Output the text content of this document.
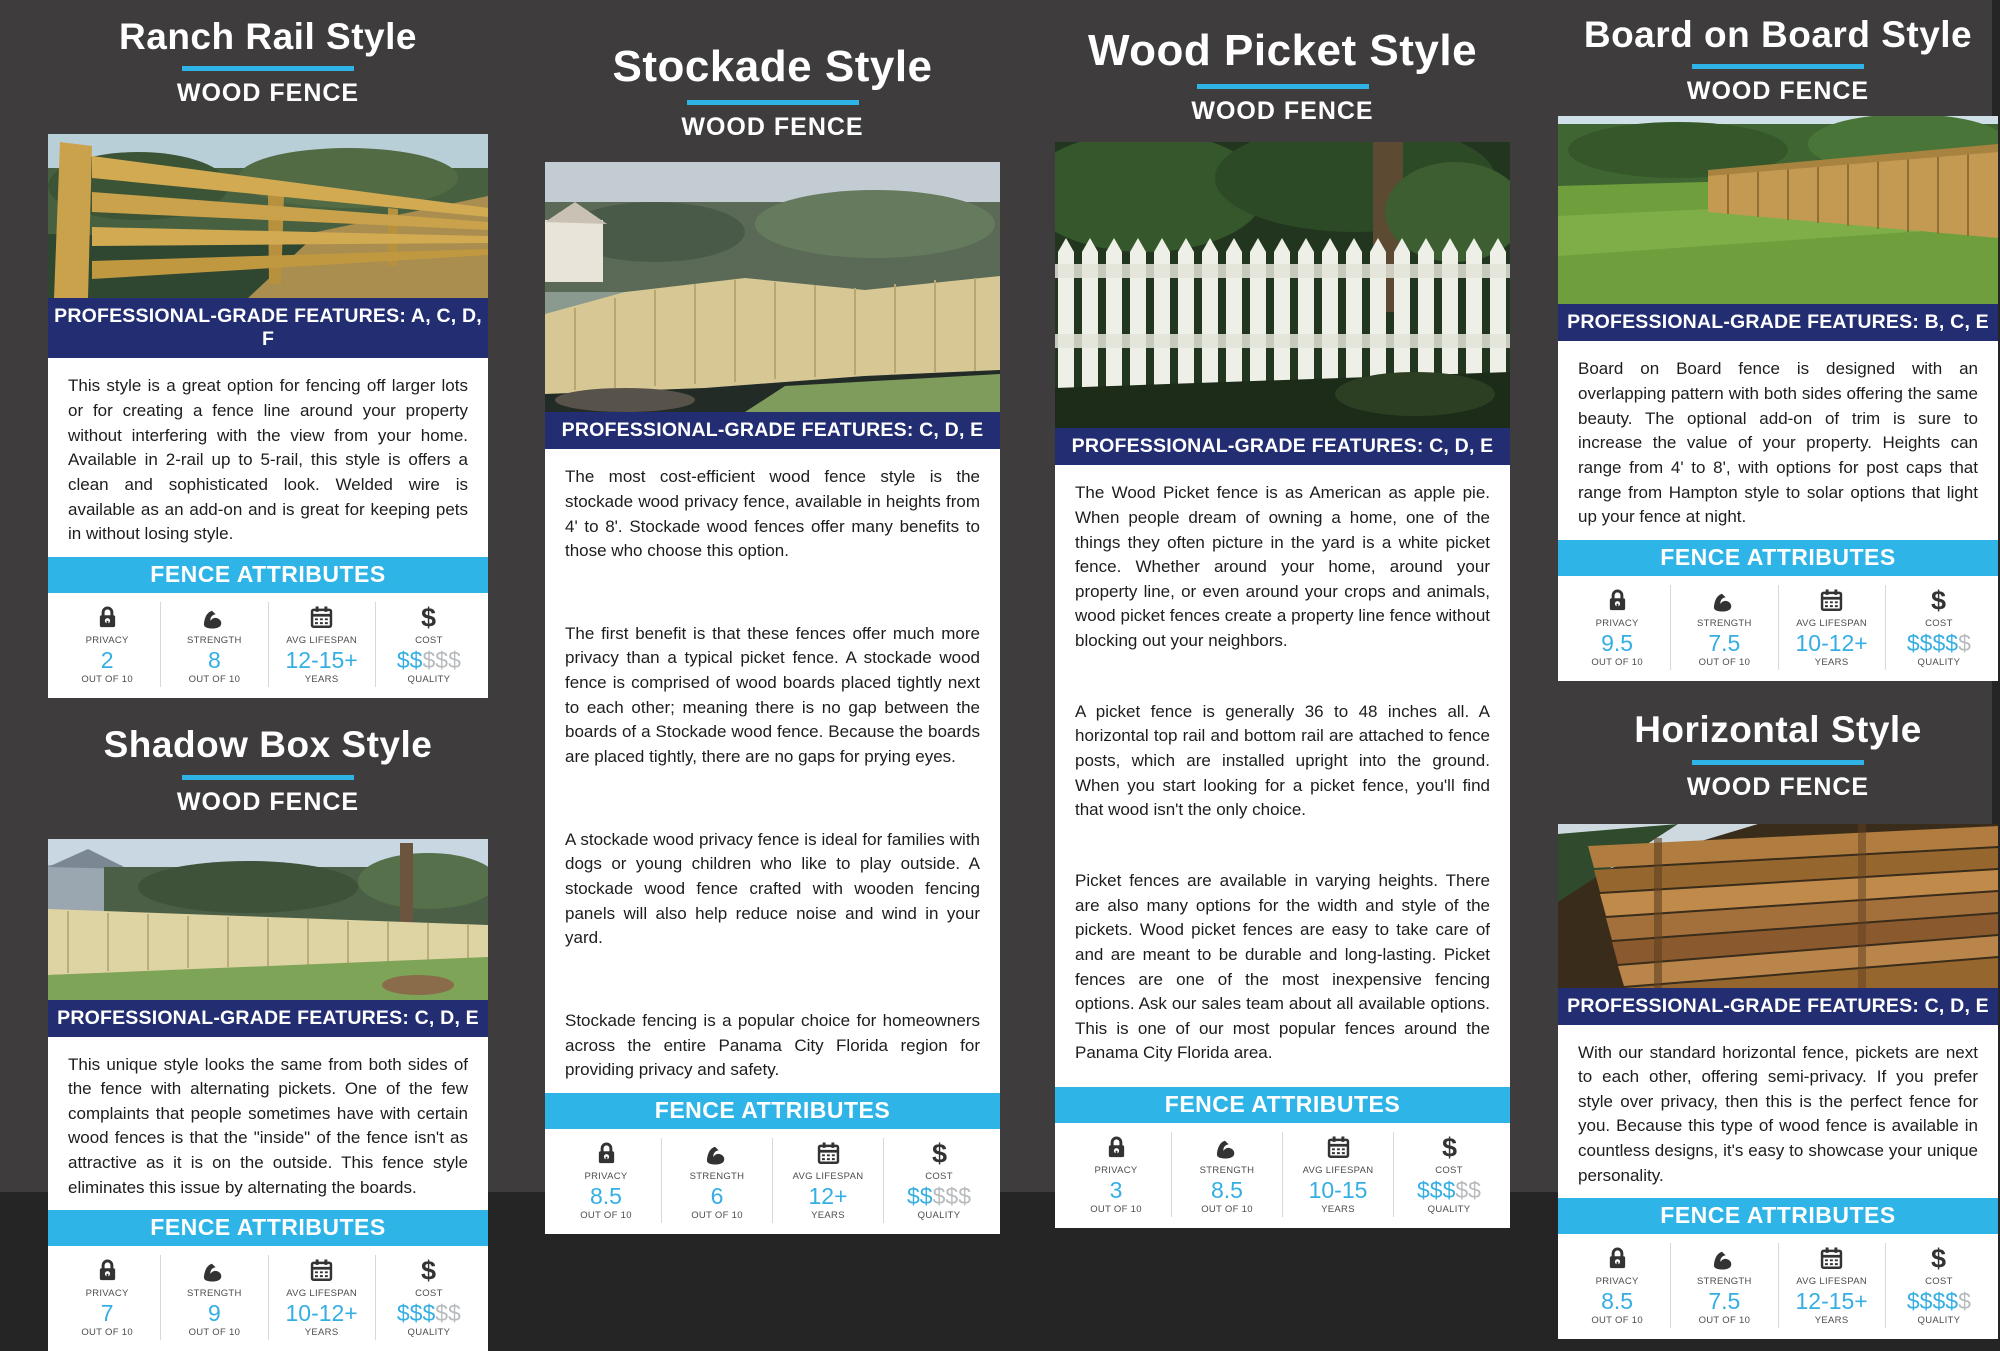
Ranch Rail Style
WOOD FENCE
PROFESSIONAL-GRADE FEATURES: A, C, D, F

This style is a great option for fencing off larger lots or for creating a fence line around your property without interfering with the view from your home. Available in 2-rail up to 5-rail, this style is offers a clean and sophisticated look. Welded wire is available as an add-on and is great for keeping pets in without losing style.

FENCE ATTRIBUTES
PRIVACY
2
OUT OF 10
STRENGTH
8
OUT OF 10
AVG LIFESPAN
12-15+
YEARS
$
COST
$$$$$
QUALITY
Shadow Box Style
WOOD FENCE
PROFESSIONAL-GRADE FEATURES: C, D, E

This unique style looks the same from both sides of the fence with alternating pickets. One of the few complaints that people sometimes have with certain wood fences is that the "inside" of the fence isn't as attractive as it is on the outside. This fence style eliminates this issue by alternating the boards.

FENCE ATTRIBUTES
PRIVACY
7
OUT OF 10
STRENGTH
9
OUT OF 10
AVG LIFESPAN
10-12+
YEARS
$
COST
$$$$$
QUALITY
Stockade Style
WOOD FENCE
PROFESSIONAL-GRADE FEATURES: C, D, E

The most cost-efficient wood fence style is the stockade wood privacy fence, available in heights from 4' to 8'. Stockade wood fences offer many benefits to those who choose this option.

The first benefit is that these fences offer much more privacy than a typical picket fence. A stockade wood fence is comprised of wood boards placed tightly next to each other; meaning there is no gap between the boards of a Stockade wood fence. Because the boards are placed tightly, there are no gaps for prying eyes.

A stockade wood privacy fence is ideal for families with dogs or young children who like to play outside. A stockade wood fence crafted with wooden fencing panels will also help reduce noise and wind in your yard.

Stockade fencing is a popular choice for homeowners across the entire Panama City Florida region for providing privacy and safety.

FENCE ATTRIBUTES
PRIVACY
8.5
OUT OF 10
STRENGTH
6
OUT OF 10
AVG LIFESPAN
12+
YEARS
$
COST
$$$$$
QUALITY
Wood Picket Style
WOOD FENCE
PROFESSIONAL-GRADE FEATURES: C, D, E

The Wood Picket fence is as American as apple pie. When people dream of owning a home, one of the things they often picture in the yard is a white picket fence. Whether around your home, around your property line, or even around your crops and animals, wood picket fences create a property line fence without blocking out your neighbors.

A picket fence is generally 36 to 48 inches all. A horizontal top rail and bottom rail are attached to fence posts, which are installed upright into the ground. When you start looking for a picket fence, you'll find that wood isn't the only choice.

Picket fences are available in varying heights. There are also many options for the width and style of the pickets. Wood picket fences are easy to take care of and are meant to be durable and long-lasting. Picket fences are one of the most inexpensive fencing options. Ask our sales team about all available options. This is one of our most popular fences around the Panama City Florida area.

FENCE ATTRIBUTES
PRIVACY
3
OUT OF 10
STRENGTH
8.5
OUT OF 10
AVG LIFESPAN
10-15
YEARS
$
COST
$$$$$
QUALITY
Board on Board Style
WOOD FENCE
PROFESSIONAL-GRADE FEATURES: B, C, E

Board on Board fence is designed with an overlapping pattern with both sides offering the same beauty. The optional add-on of trim is sure to increase the value of your property. Heights can range from 4' to 8', with options for post caps that range from Hampton style to solar options that light up your fence at night.

FENCE ATTRIBUTES
PRIVACY
9.5
OUT OF 10
STRENGTH
7.5
OUT OF 10
AVG LIFESPAN
10-12+
YEARS
$
COST
$$$$$
QUALITY
Horizontal Style
WOOD FENCE
PROFESSIONAL-GRADE FEATURES: C, D, E

With our standard horizontal fence, pickets are next to each other, offering semi-privacy. If you prefer style over privacy, then this is the perfect fence for you. Because this type of wood fence is available in countless designs, it's easy to showcase your unique personality.

FENCE ATTRIBUTES
PRIVACY
8.5
OUT OF 10
STRENGTH
7.5
OUT OF 10
AVG LIFESPAN
12-15+
YEARS
$
COST
$$$$$
QUALITY
